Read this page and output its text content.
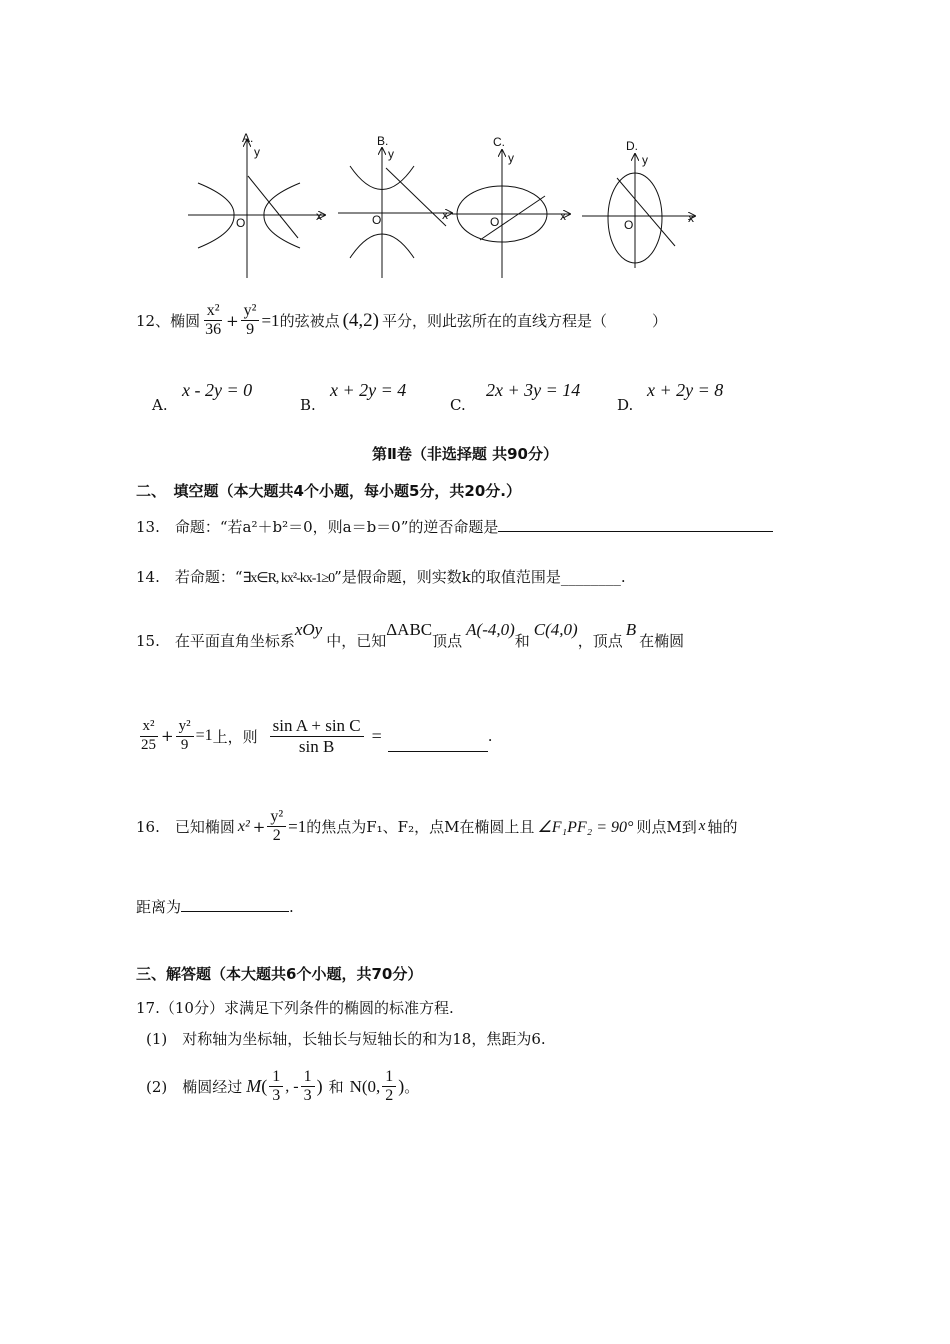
A.
y
x
O
B.
y
x
O
C.
y
x
O
D.
y
x
O
12、椭圆 $\frac{\text{x²}}{36} + \frac{\text{y²}}{9} =1$ 的弦被点 (4,2) 平分，则此弦所在的直线方程是（　　　）
A.
x - 2y = 0
B.
x + 2y = 4
C.
2x + 3y = 14
D.
x + 2y = 8
第Ⅱ卷（非选择题 共90分）
二、　填空题（本大题共4个小题，每小题5分，共20分.）
13.　命题：“若a²＋b²＝0，则a＝b＝0”的逆否命题是
14.　若命题：“∃x∈R, kx²-kx-1≥0”是假命题，则实数k的取值范围是________.
15.　在平面直角坐标系
xOy
中，已知
ΔABC
顶点
A(-4,0)
和
C(4,0)
，顶点
B
在椭圆
$\frac{\text{x²}}{25} + \frac{\text{y²}}{9} =1$ 上，则 $\frac{\text{sin A + sin C}}{\text{sin B}}$ =	.
16.　已知椭圆 $x^2 + \frac{\text{y²}}{2} =1$ 的焦点为F₁、F₂，点M在椭圆上且 ∠F₁PF₂ = 90° 则点M到 x 轴的
距离为	.
三、解答题（本大题共6个小题，共70分）
17.（10分）求满足下列条件的椭圆的标准方程.
(1)　对称轴为坐标轴，长轴长与短轴长的和为18，焦距为6.
(2)　椭圆经过 M ( $\frac{1}{3}$ , - $\frac{1}{3}$ ) 和 N(0, $\frac{1}{2}$ ) 。
